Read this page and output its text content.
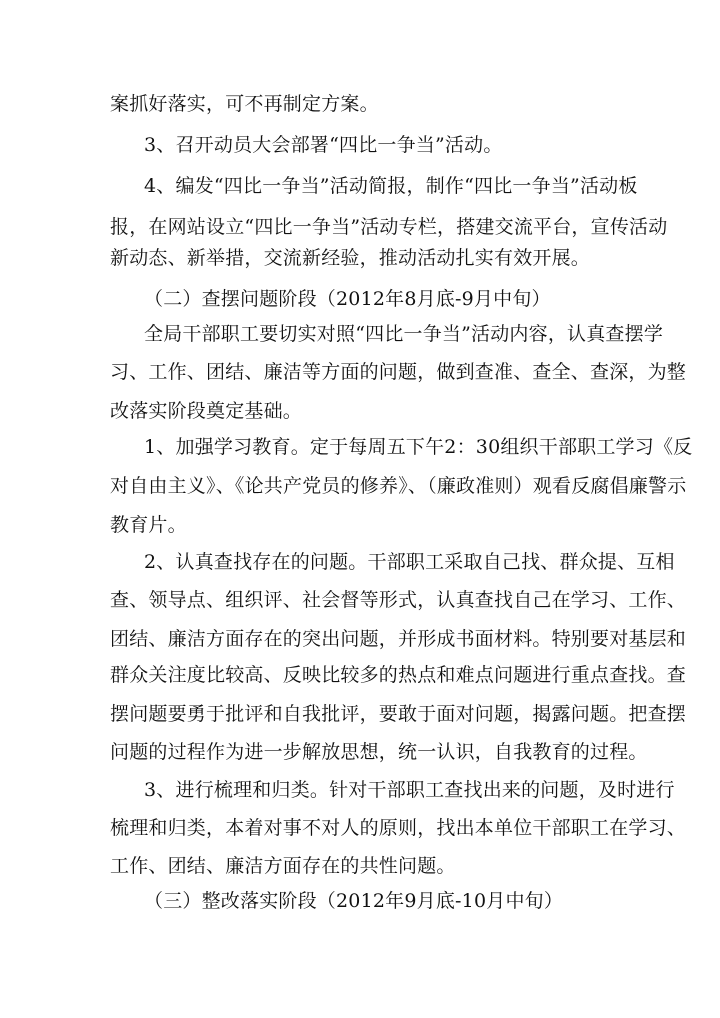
案抓好落实，可不再制定方案。
3、召开动员大会部署“四比一争当”活动。
4、编发“四比一争当”活动简报，制作“四比一争当”活动板
报，在网站设立“四比一争当”活动专栏，搭建交流平台，宣传活动
新动态、新举措，交流新经验，推动活动扎实有效开展。
（二）查摆问题阶段（2012年8月底-9月中旬）
全局干部职工要切实对照“四比一争当”活动内容，认真查摆学
习、工作、团结、廉洁等方面的问题，做到查准、查全、查深，为整
改落实阶段奠定基础。
1、加强学习教育。定于每周五下午2：30组织干部职工学习《反
对自由主义》、《论共产党员的修养》、（廉政准则）观看反腐倡廉警示
教育片。
2、认真查找存在的问题。干部职工采取自己找、群众提、互相
查、领导点、组织评、社会督等形式，认真查找自己在学习、工作、
团结、廉洁方面存在的突出问题，并形成书面材料。特别要对基层和
群众关注度比较高、反映比较多的热点和难点问题进行重点查找。查
摆问题要勇于批评和自我批评，要敢于面对问题，揭露问题。把查摆
问题的过程作为进一步解放思想，统一认识，自我教育的过程。
3、进行梳理和归类。针对干部职工查找出来的问题，及时进行
梳理和归类，本着对事不对人的原则，找出本单位干部职工在学习、
工作、团结、廉洁方面存在的共性问题。
（三）整改落实阶段（2012年9月底-10月中旬）
